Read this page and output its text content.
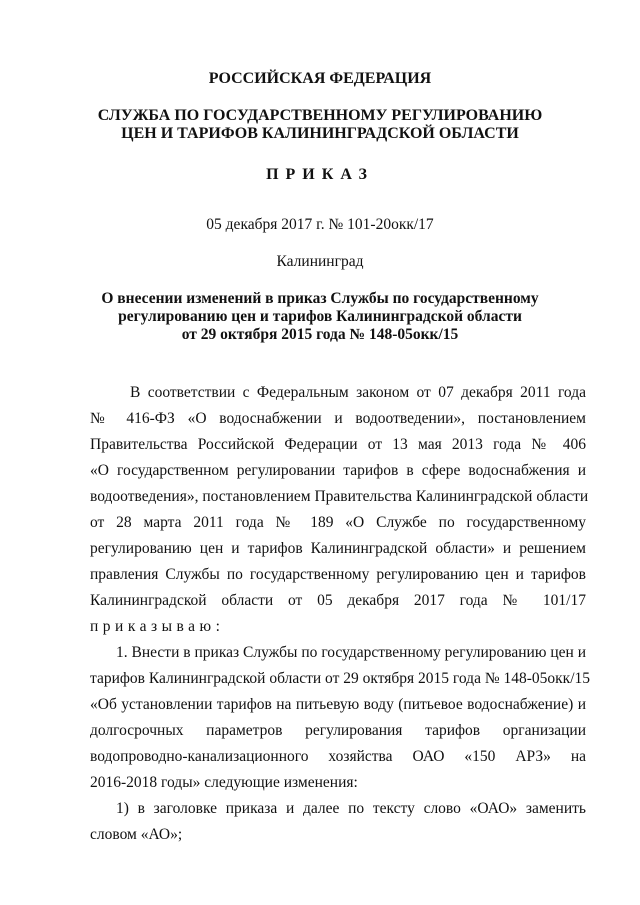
РОССИЙСКАЯ ФЕДЕРАЦИЯ
СЛУЖБА ПО ГОСУДАРСТВЕННОМУ РЕГУЛИРОВАНИЮ
ЦЕН И ТАРИФОВ КАЛИНИНГРАДСКОЙ ОБЛАСТИ
ПРИКАЗ
05 декабря 2017 г. № 101-20окк/17
Калининград
О внесении изменений в приказ Службы по государственному
регулированию цен и тарифов Калининградской области
от 29 октября 2015 года № 148-05окк/15
В соответствии с Федеральным законом от 07 декабря 2011 года
№ 416-ФЗ «О водоснабжении и водоотведении», постановлением
Правительства Российской Федерации от 13 мая 2013 года № 406
«О государственном регулировании тарифов в сфере водоснабжения и
водоотведения», постановлением Правительства Калининградской области
от 28 марта 2011 года № 189 «О Службе по государственному
регулированию цен и тарифов Калининградской области» и решением
правления Службы по государственному регулированию цен и тарифов
Калининградской области от 05 декабря 2017 года № 101/17
приказываю:
1. Внести в приказ Службы по государственному регулированию цен и
тарифов Калининградской области от 29 октября 2015 года № 148-05окк/15
«Об установлении тарифов на питьевую воду (питьевое водоснабжение) и
долгосрочных параметров регулирования тарифов организации
водопроводно-канализационного хозяйства ОАО «150 АРЗ» на
2016-2018 годы» следующие изменения:
1) в заголовке приказа и далее по тексту слово «ОАО» заменить
словом «АО»;
